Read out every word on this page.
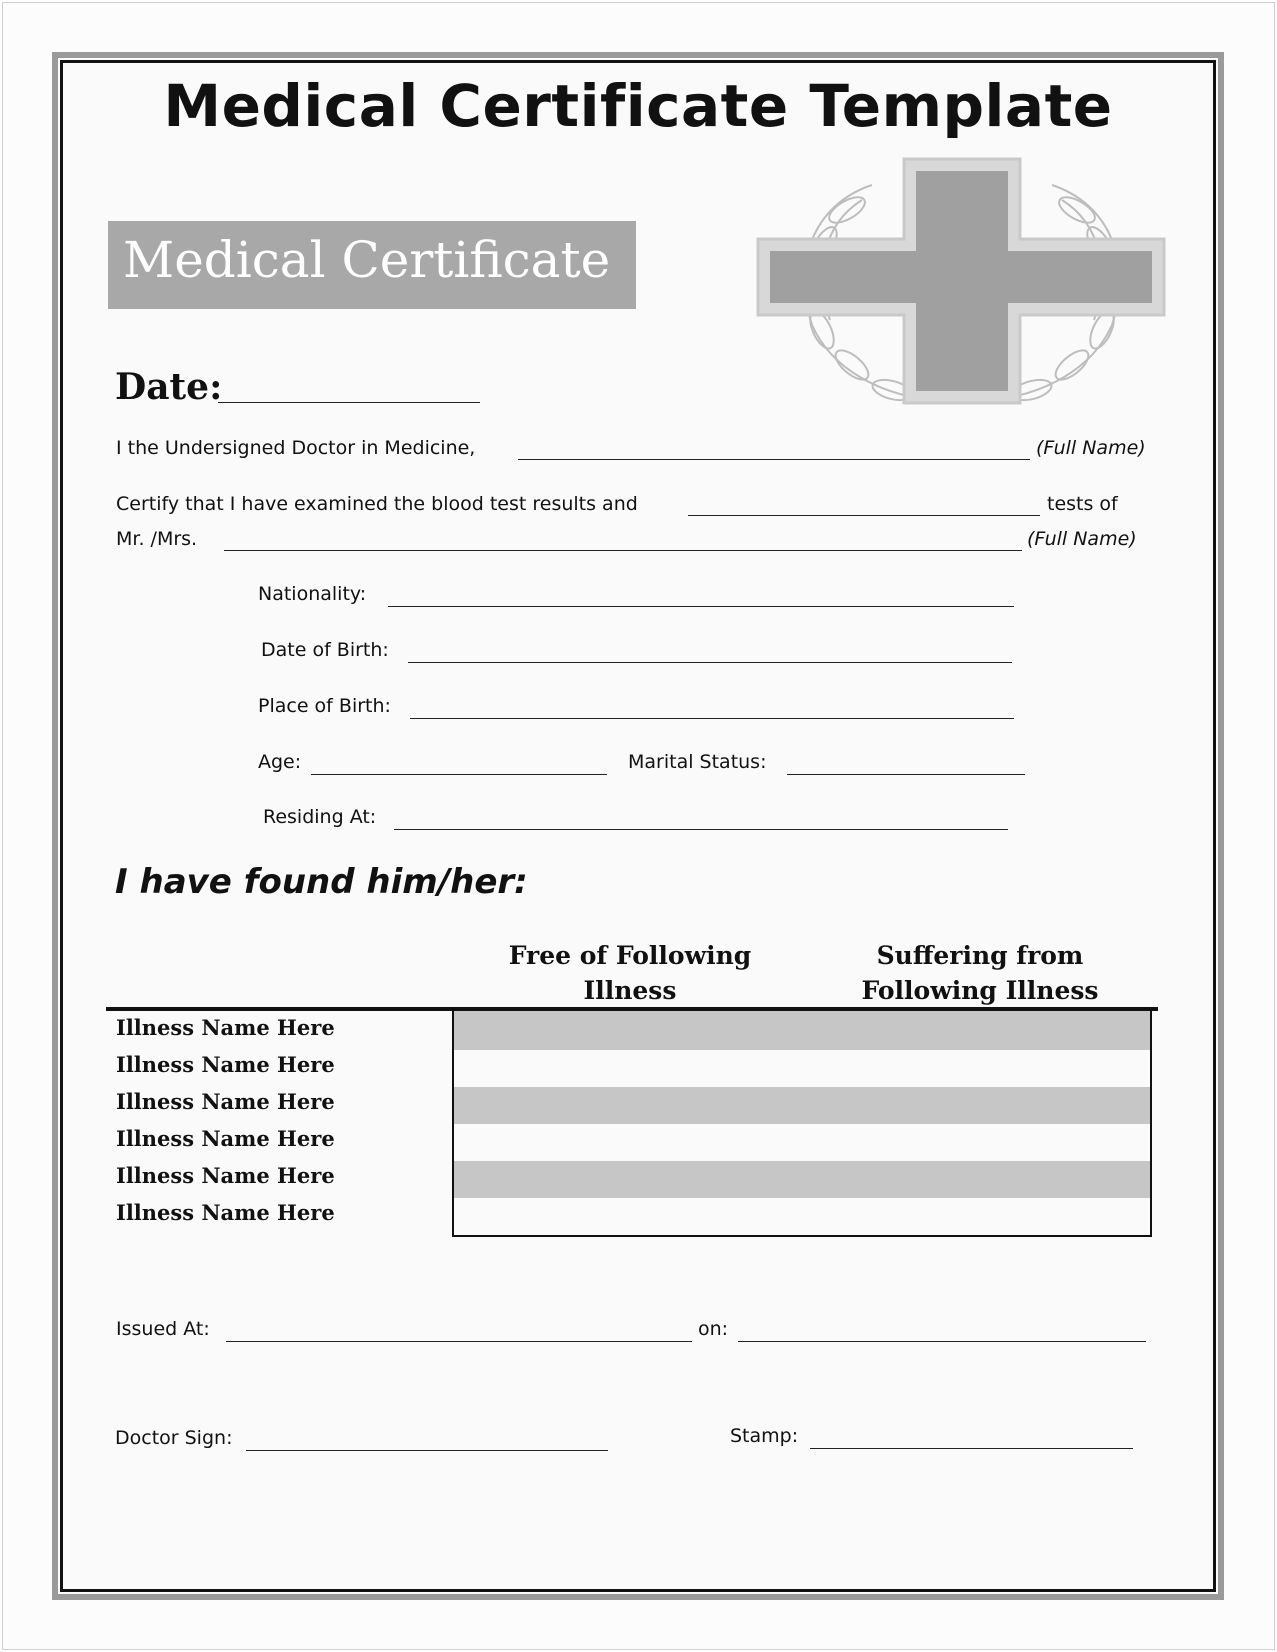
Medical Certificate Template
Medical Certificate
Date:
I the Undersigned Doctor in Medicine,	(Full Name)
Certify that I have examined the blood test results and	tests of
Mr. /Mrs.	(Full Name)
Nationality:
Date of Birth:
Place of Birth:
Age:	Marital Status:
Residing At:
I have found him/her:
Free of Following Illness
Suffering from Following Illness
Illness Name Here
Illness Name Here
Illness Name Here
Illness Name Here
Illness Name Here
Illness Name Here
Issued At:	on:
Doctor Sign:	Stamp:
